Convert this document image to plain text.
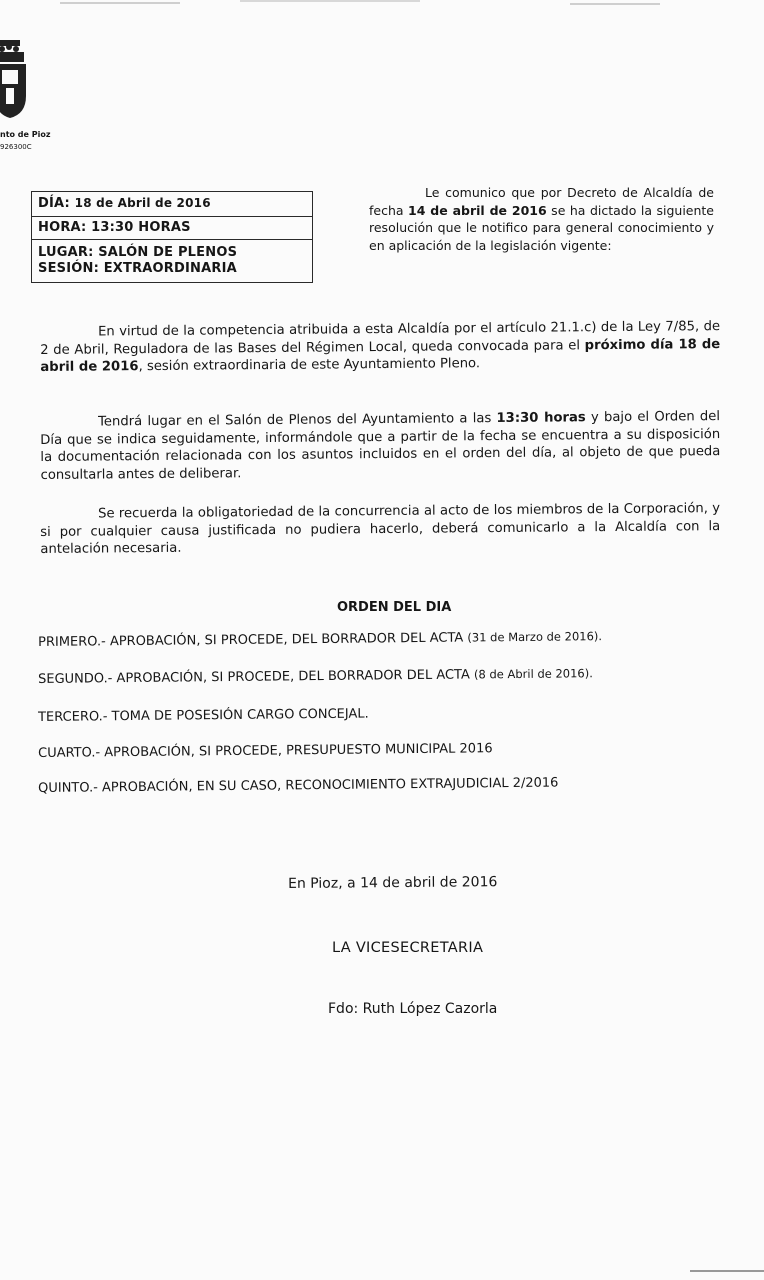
nto de Pioz
926300C
DÍA: 18 de Abril de 2016
HORA: 13:30 HORAS
LUGAR: SALÓN DE PLENOS
SESIÓN: EXTRAORDINARIA
Le comunico que por Decreto de Alcaldía de fecha 14 de abril de 2016 se ha dictado la siguiente resolución que le notifico para general conocimiento y en aplicación de la legislación vigente:
En virtud de la competencia atribuida a esta Alcaldía por el artículo 21.1.c) de la Ley 7/85, de 2 de Abril, Reguladora de las Bases del Régimen Local, queda convocada para el próximo día 18 de abril de 2016, sesión extraordinaria de este Ayuntamiento Pleno.
Tendrá lugar en el Salón de Plenos del Ayuntamiento a las 13:30 horas y bajo el Orden del Día que se indica seguidamente, informándole que a partir de la fecha se encuentra a su disposición la documentación relacionada con los asuntos incluidos en el orden del día, al objeto de que pueda consultarla antes de deliberar.
Se recuerda la obligatoriedad de la concurrencia al acto de los miembros de la Corporación, y si por cualquier causa justificada no pudiera hacerlo, deberá comunicarlo a la Alcaldía con la antelación necesaria.
ORDEN DEL DIA
PRIMERO.- APROBACIÓN, SI PROCEDE, DEL BORRADOR DEL ACTA (31 de Marzo de 2016).
SEGUNDO.- APROBACIÓN, SI PROCEDE, DEL BORRADOR DEL ACTA (8 de Abril de 2016).
TERCERO.- TOMA DE POSESIÓN CARGO CONCEJAL.
CUARTO.- APROBACIÓN, SI PROCEDE, PRESUPUESTO MUNICIPAL 2016
QUINTO.- APROBACIÓN, EN SU CASO, RECONOCIMIENTO EXTRAJUDICIAL 2/2016
En Pioz, a 14 de abril de 2016
LA VICESECRETARIA
Fdo: Ruth López Cazorla
